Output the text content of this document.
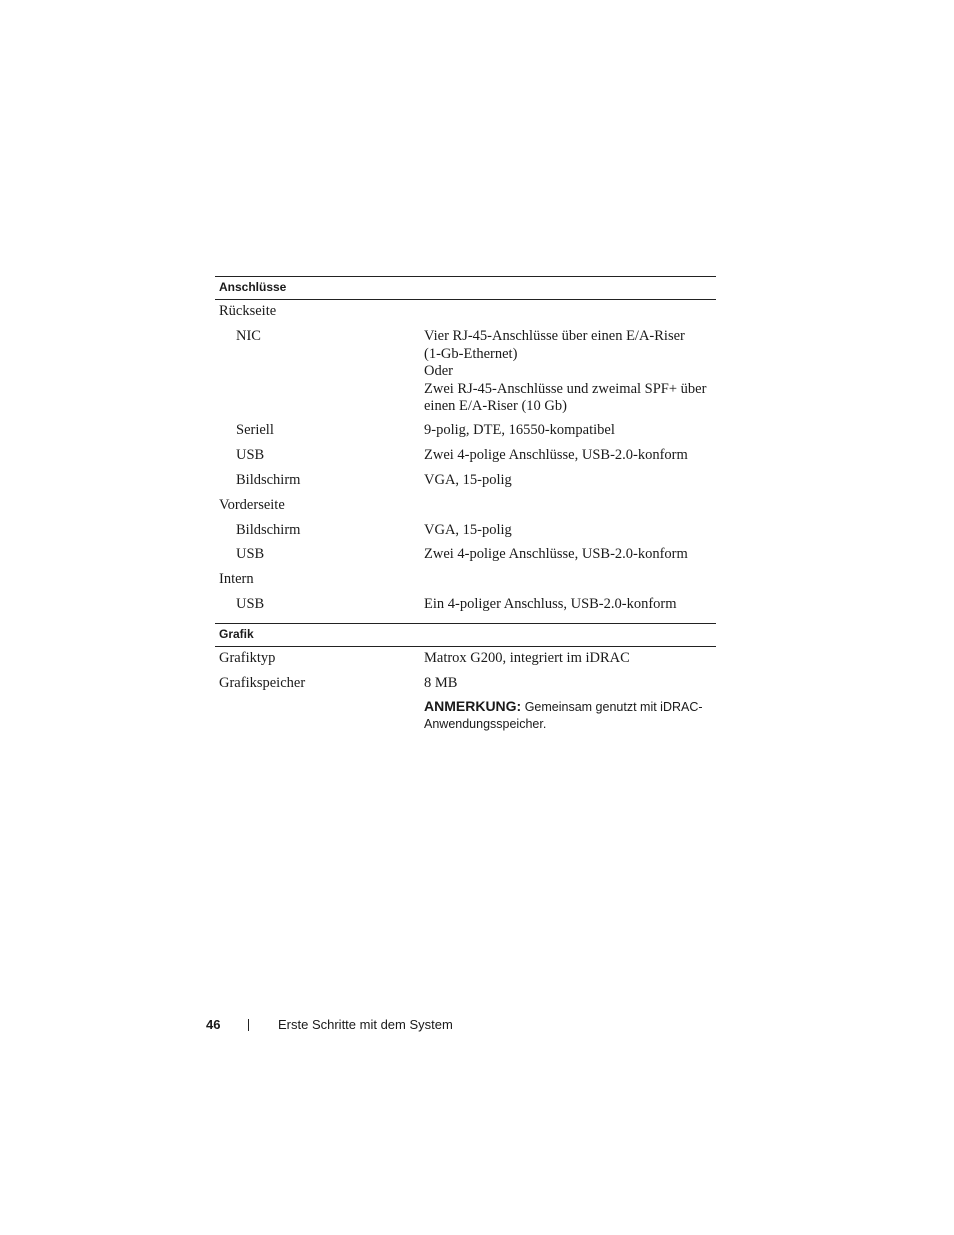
Anschlüsse
Rückseite
NIC	Vier RJ-45-Anschlüsse über einen E/A-Riser
(1-Gb-Ethernet)
Oder
Zwei RJ-45-Anschlüsse und zweimal SPF+ über
einen E/A-Riser (10 Gb)
Seriell	9-polig, DTE, 16550-kompatibel
USB	Zwei 4-polige Anschlüsse, USB-2.0-konform
Bildschirm	VGA, 15-polig
Vorderseite
Bildschirm	VGA, 15-polig
USB	Zwei 4-polige Anschlüsse, USB-2.0-konform
Intern
USB	Ein 4-poliger Anschluss, USB-2.0-konform
Grafik
Grafiktyp	Matrox G200, integriert im iDRAC
Grafikspeicher	8 MB
ANMERKUNG: Gemeinsam genutzt mit iDRAC-
Anwendungsspeicher.
46	Erste Schritte mit dem System
